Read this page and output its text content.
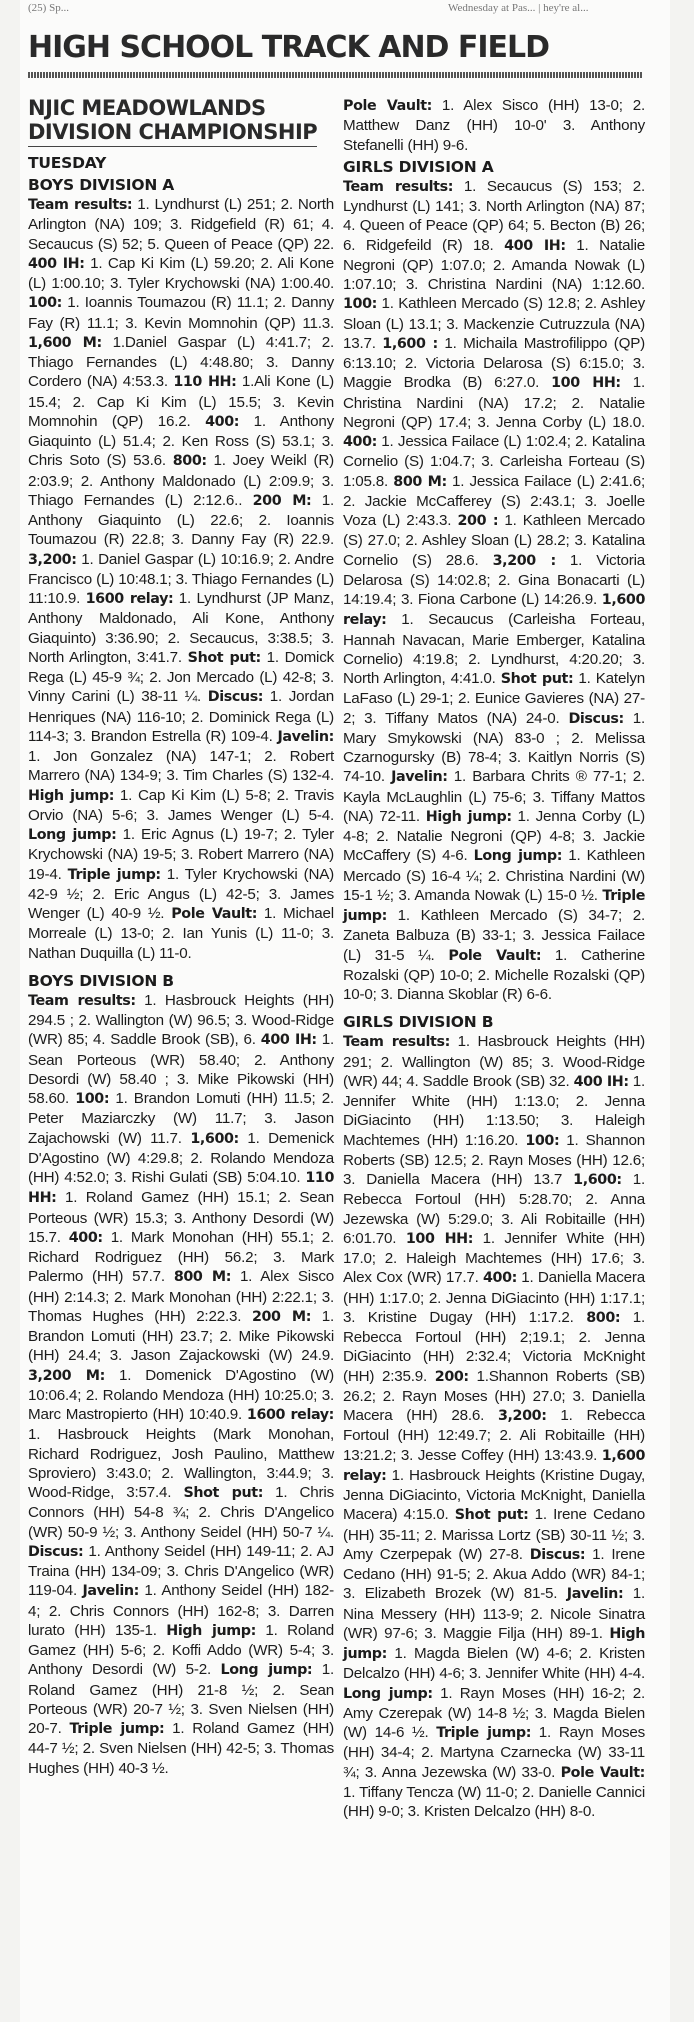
(25) Sp...	Wednesday at Pas... | hey're al...
HIGH SCHOOL TRACK AND FIELD
NJIC MEADOWLANDS
DIVISION CHAMPIONSHIP
TUESDAY
BOYS DIVISION A

Team results: 1. Lyndhurst (L) 251; 2. North Arlington (NA) 109; 3. Ridgefield (R) 61; 4. Secaucus (S) 52; 5. Queen of Peace (QP) 22. 400 IH: 1. Cap Ki Kim (L) 59.20; 2. Ali Kone (L) 1:00.10; 3. Tyler Krychowski (NA) 1:00.40. 100: 1. Ioannis Toumazou (R) 11.1; 2. Danny Fay (R) 11.1; 3. Kevin Momnohin (QP) 11.3. 1,600 M: 1.Daniel Gaspar (L) 4:41.7; 2. Thiago Fernandes (L) 4:48.80; 3. Danny Cordero (NA) 4:53.3. 110 HH: 1.Ali Kone (L) 15.4; 2. Cap Ki Kim (L) 15.5; 3. Kevin Momnohin (QP) 16.2. 400: 1. Anthony Giaquinto (L) 51.4; 2. Ken Ross (S) 53.1; 3. Chris Soto (S) 53.6. 800: 1. Joey Weikl (R) 2:03.9; 2. Anthony Maldonado (L) 2:09.9; 3. Thiago Fernandes (L) 2:12.6.. 200 M: 1. Anthony Giaquinto (L) 22.6; 2. Ioannis Toumazou (R) 22.8; 3. Danny Fay (R) 22.9. 3,200: 1. Daniel Gaspar (L) 10:16.9; 2. Andre Francisco (L) 10:48.1; 3. Thiago Fernandes (L) 11:10.9. 1600 relay: 1. Lyndhurst (JP Manz, Anthony Maldonado, Ali Kone, Anthony Giaquinto) 3:36.90; 2. Secaucus, 3:38.5; 3. North Arlington, 3:41.7. Shot put: 1. Domick Rega (L) 45-9 ¾; 2. Jon Mercado (L) 42-8; 3. Vinny Carini (L) 38-11 ¼. Discus: 1. Jordan Henriques (NA) 116-10; 2. Dominick Rega (L) 114-3; 3. Brandon Estrella (R) 109-4. Javelin: 1. Jon Gonzalez (NA) 147-1; 2. Robert Marrero (NA) 134-9; 3. Tim Charles (S) 132-4. High jump: 1. Cap Ki Kim (L) 5-8; 2. Travis Orvio (NA) 5-6; 3. James Wenger (L) 5-4. Long jump: 1. Eric Agnus (L) 19-7; 2. Tyler Krychowski (NA) 19-5; 3. Robert Marrero (NA) 19-4. Triple jump: 1. Tyler Krychowski (NA) 42-9 ½; 2. Eric Angus (L) 42-5; 3. James Wenger (L) 40-9 ½. Pole Vault: 1. Michael Morreale (L) 13-0; 2. Ian Yunis (L) 11-0; 3. Nathan Duquilla (L) 11-0.

BOYS DIVISION B

Team results: 1. Hasbrouck Heights (HH) 294.5 ; 2. Wallington (W) 96.5; 3. Wood-Ridge (WR) 85; 4. Saddle Brook (SB), 6. 400 IH: 1. Sean Porteous (WR) 58.40; 2. Anthony Desordi (W) 58.40 ; 3. Mike Pikowski (HH) 58.60. 100: 1. Brandon Lomuti (HH) 11.5; 2. Peter Maziarczky (W) 11.7; 3. Jason Zajachowski (W) 11.7. 1,600: 1. Demenick D'Agostino (W) 4:29.8; 2. Rolando Mendoza (HH) 4:52.0; 3. Rishi Gulati (SB) 5:04.10. 110 HH: 1. Roland Gamez (HH) 15.1; 2. Sean Porteous (WR) 15.3; 3. Anthony Desordi (W) 15.7. 400: 1. Mark Monohan (HH) 55.1; 2. Richard Rodriguez (HH) 56.2; 3. Mark Palermo (HH) 57.7. 800 M: 1. Alex Sisco (HH) 2:14.3; 2. Mark Monohan (HH) 2:22.1; 3. Thomas Hughes (HH) 2:22.3. 200 M: 1. Brandon Lomuti (HH) 23.7; 2. Mike Pikowski (HH) 24.4; 3. Jason Zajackowski (W) 24.9. 3,200 M: 1. Domenick D'Agostino (W) 10:06.4; 2. Rolando Mendoza (HH) 10:25.0; 3. Marc Mastropierto (HH) 10:40.9. 1600 relay: 1. Hasbrouck Heights (Mark Monohan, Richard Rodriguez, Josh Paulino, Matthew Sproviero) 3:43.0; 2. Wallington, 3:44.9; 3. Wood-Ridge, 3:57.4. Shot put: 1. Chris Connors (HH) 54-8 ¾; 2. Chris D'Angelico (WR) 50-9 ½; 3. Anthony Seidel (HH) 50-7 ¼. Discus: 1. Anthony Seidel (HH) 149-11; 2. AJ Traina (HH) 134-09; 3. Chris D'Angelico (WR) 119-04. Javelin: 1. Anthony Seidel (HH) 182-4; 2. Chris Connors (HH) 162-8; 3. Darren lurato (HH) 135-1. High jump: 1. Roland Gamez (HH) 5-6; 2. Koffi Addo (WR) 5-4; 3. Anthony Desordi (W) 5-2. Long jump: 1. Roland Gamez (HH) 21-8 ½; 2. Sean Porteous (WR) 20-7 ½; 3. Sven Nielsen (HH) 20-7. Triple jump: 1. Roland Gamez (HH) 44-7 ½; 2. Sven Nielsen (HH) 42-5; 3. Thomas Hughes (HH) 40-3 ½.

Pole Vault: 1. Alex Sisco (HH) 13-0; 2. Matthew Danz (HH) 10-0' 3. Anthony Stefanelli (HH) 9-6.

GIRLS DIVISION A

Team results: 1. Secaucus (S) 153; 2. Lyndhurst (L) 141; 3. North Arlington (NA) 87; 4. Queen of Peace (QP) 64; 5. Becton (B) 26; 6. Ridgefeild (R) 18. 400 IH: 1. Natalie Negroni (QP) 1:07.0; 2. Amanda Nowak (L) 1:07.10; 3. Christina Nardini (NA) 1:12.60. 100: 1. Kathleen Mercado (S) 12.8; 2. Ashley Sloan (L) 13.1; 3. Mackenzie Cutruzzula (NA) 13.7. 1,600 : 1. Michaila Mastrofilippo (QP) 6:13.10; 2. Victoria Delarosa (S) 6:15.0; 3. Maggie Brodka (B) 6:27.0. 100 HH: 1. Christina Nardini (NA) 17.2; 2. Natalie Negroni (QP) 17.4; 3. Jenna Corby (L) 18.0. 400: 1. Jessica Failace (L) 1:02.4; 2. Katalina Cornelio (S) 1:04.7; 3. Carleisha Forteau (S) 1:05.8. 800 M: 1. Jessica Failace (L) 2:41.6; 2. Jackie McCafferey (S) 2:43.1; 3. Joelle Voza (L) 2:43.3. 200 : 1. Kathleen Mercado (S) 27.0; 2. Ashley Sloan (L) 28.2; 3. Katalina Cornelio (S) 28.6. 3,200 : 1. Victoria Delarosa (S) 14:02.8; 2. Gina Bonacarti (L) 14:19.4; 3. Fiona Carbone (L) 14:26.9. 1,600 relay: 1. Secaucus (Carleisha Forteau, Hannah Navacan, Marie Emberger, Katalina Cornelio) 4:19.8; 2. Lyndhurst, 4:20.20; 3. North Arlington, 4:41.0. Shot put: 1. Katelyn LaFaso (L) 29-1; 2. Eunice Gavieres (NA) 27-2; 3. Tiffany Matos (NA) 24-0. Discus: 1. Mary Smykowski (NA) 83-0 ; 2. Melissa Czarnogursky (B) 78-4; 3. Kaitlyn Norris (S) 74-10. Javelin: 1. Barbara Chrits ® 77-1; 2. Kayla McLaughlin (L) 75-6; 3. Tiffany Mattos (NA) 72-11. High jump: 1. Jenna Corby (L) 4-8; 2. Natalie Negroni (QP) 4-8; 3. Jackie McCaffery (S) 4-6. Long jump: 1. Kathleen Mercado (S) 16-4 ¼; 2. Christina Nardini (W) 15-1 ½; 3. Amanda Nowak (L) 15-0 ½. Triple jump: 1. Kathleen Mercado (S) 34-7; 2. Zaneta Balbuza (B) 33-1; 3. Jessica Failace (L) 31-5 ¼. Pole Vault: 1. Catherine Rozalski (QP) 10-0; 2. Michelle Rozalski (QP) 10-0; 3. Dianna Skoblar (R) 6-6.

GIRLS DIVISION B

Team results: 1. Hasbrouck Heights (HH) 291; 2. Wallington (W) 85; 3. Wood-Ridge (WR) 44; 4. Saddle Brook (SB) 32. 400 IH: 1. Jennifer White (HH) 1:13.0; 2. Jenna DiGiacinto (HH) 1:13.50; 3. Haleigh Machtemes (HH) 1:16.20. 100: 1. Shannon Roberts (SB) 12.5; 2. Rayn Moses (HH) 12.6; 3. Daniella Macera (HH) 13.7 1,600: 1. Rebecca Fortoul (HH) 5:28.70; 2. Anna Jezewska (W) 5:29.0; 3. Ali Robitaille (HH) 6:01.70. 100 HH: 1. Jennifer White (HH) 17.0; 2. Haleigh Machtemes (HH) 17.6; 3. Alex Cox (WR) 17.7. 400: 1. Daniella Macera (HH) 1:17.0; 2. Jenna DiGiacinto (HH) 1:17.1; 3. Kristine Dugay (HH) 1:17.2. 800: 1. Rebecca Fortoul (HH) 2;19.1; 2. Jenna DiGiacinto (HH) 2:32.4; Victoria McKnight (HH) 2:35.9. 200: 1.Shannon Roberts (SB) 26.2; 2. Rayn Moses (HH) 27.0; 3. Daniella Macera (HH) 28.6. 3,200: 1. Rebecca Fortoul (HH) 12:49.7; 2. Ali Robitaille (HH) 13:21.2; 3. Jesse Coffey (HH) 13:43.9. 1,600 relay: 1. Hasbrouck Heights (Kristine Dugay, Jenna DiGiacinto, Victoria McKnight, Daniella Macera) 4:15.0. Shot put: 1. Irene Cedano (HH) 35-11; 2. Marissa Lortz (SB) 30-11 ½; 3. Amy Czerpepak (W) 27-8. Discus: 1. Irene Cedano (HH) 91-5; 2. Akua Addo (WR) 84-1; 3. Elizabeth Brozek (W) 81-5. Javelin: 1. Nina Messery (HH) 113-9; 2. Nicole Sinatra (WR) 97-6; 3. Maggie Filja (HH) 89-1. High jump: 1. Magda Bielen (W) 4-6; 2. Kristen Delcalzo (HH) 4-6; 3. Jennifer White (HH) 4-4. Long jump: 1. Rayn Moses (HH) 16-2; 2. Amy Czerepak (W) 14-8 ½; 3. Magda Bielen (W) 14-6 ½. Triple jump: 1. Rayn Moses (HH) 34-4; 2. Martyna Czarnecka (W) 33-11 ¾; 3. Anna Jezewska (W) 33-0. Pole Vault: 1. Tiffany Tencza (W) 11-0; 2. Danielle Cannici (HH) 9-0; 3. Kristen Delcalzo (HH) 8-0.
